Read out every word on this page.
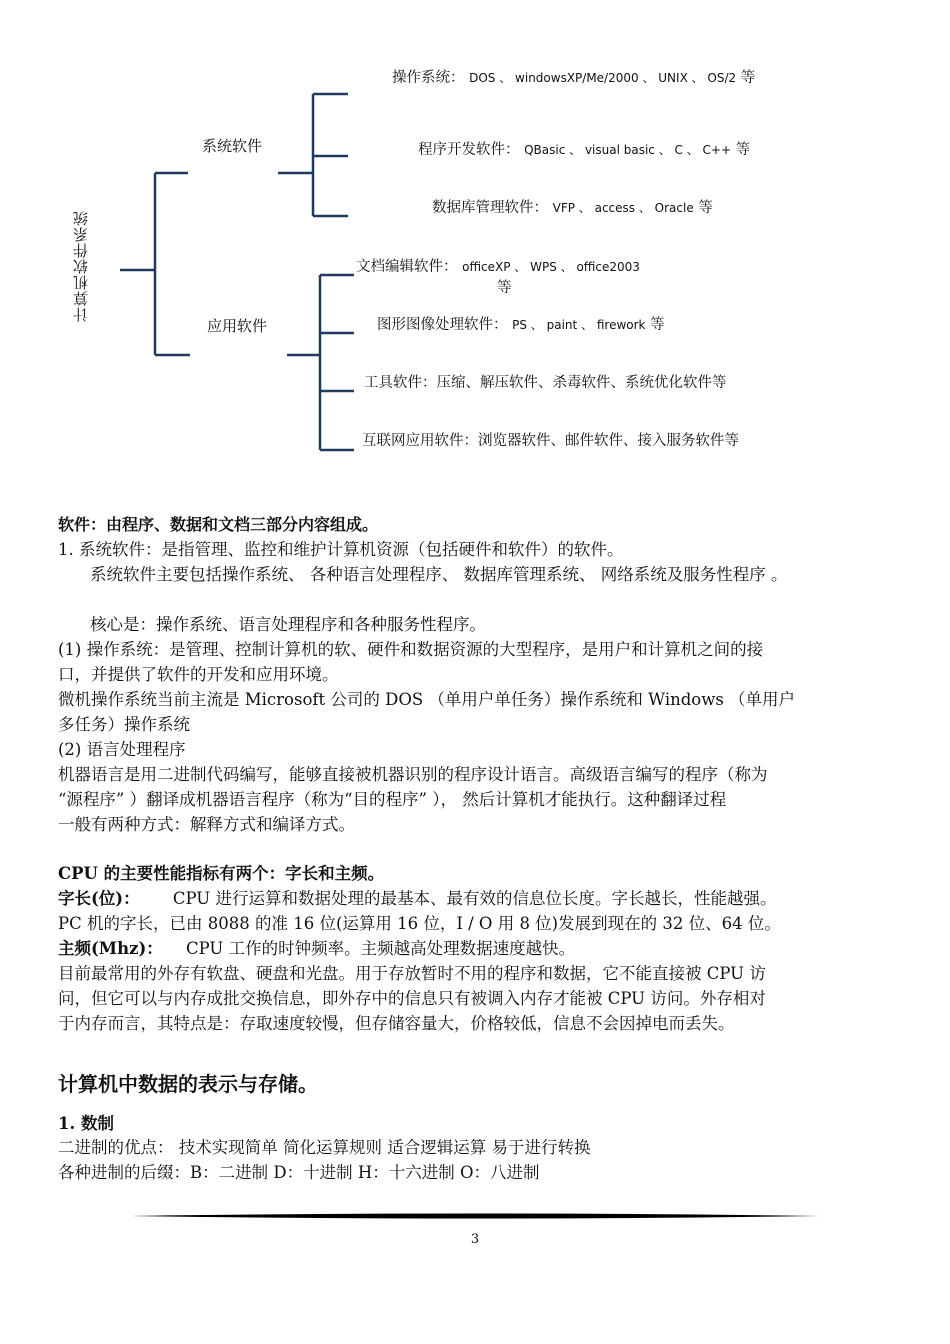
计算机软件系统
系统软件
应用软件
操作系统： DOS 、 windowsXP/Me/2000 、 UNIX 、 OS/2 等
程序开发软件： QBasic 、 visual basic 、 C 、 C++ 等
数据库管理软件： VFP 、 access 、 Oracle 等
文档编辑软件： officeXP 、 WPS 、 office2003
等
图形图像处理软件： PS 、 paint 、 firework 等
工具软件：压缩、解压软件、杀毒软件、系统优化软件等
互联网应用软件：浏览器软件、邮件软件、接入服务软件等
软件：由程序、数据和文档三部分内容组成。
1. 系统软件：是指管理、监控和维护计算机资源（包括硬件和软件）的软件。
系统软件主要包括操作系统、 各种语言处理程序、 数据库管理系统、 网络系统及服务性程序 。
核心是：操作系统、语言处理程序和各种服务性程序。
(1) 操作系统：是管理、控制计算机的软、硬件和数据资源的大型程序，是用户和计算机之间的接
口，并提供了软件的开发和应用环境。
微机操作系统当前主流是 Microsoft 公司的 DOS （单用户单任务）操作系统和 Windows （单用户
多任务）操作系统
(2) 语言处理程序
机器语言是用二进制代码编写，能够直接被机器识别的程序设计语言。高级语言编写的程序（称为
“源程序” ）翻译成机器语言程序（称为“目的程序” ）， 然后计算机才能执行。这种翻译过程
一般有两种方式：解释方式和编译方式。
CPU 的主要性能指标有两个：字长和主频。
字长(位)： CPU 进行运算和数据处理的最基本、最有效的信息位长度。字长越长，性能越强。
PC 机的字长，已由 8088 的准 16 位(运算用 16 位，I / O 用 8 位)发展到现在的 32 位、64 位。
主频(Mhz)： CPU 工作的时钟频率。主频越高处理数据速度越快。
目前最常用的外存有软盘、硬盘和光盘。用于存放暂时不用的程序和数据，它不能直接被 CPU 访
问，但它可以与内存成批交换信息，即外存中的信息只有被调入内存才能被 CPU 访问。外存相对
于内存而言，其特点是：存取速度较慢，但存储容量大，价格较低，信息不会因掉电而丢失。
计算机中数据的表示与存储。
1. 数制
二进制的优点： 技术实现简单 简化运算规则 适合逻辑运算 易于进行转换
各种进制的后缀：B：二进制 D：十进制 H：十六进制 O：八进制
3
